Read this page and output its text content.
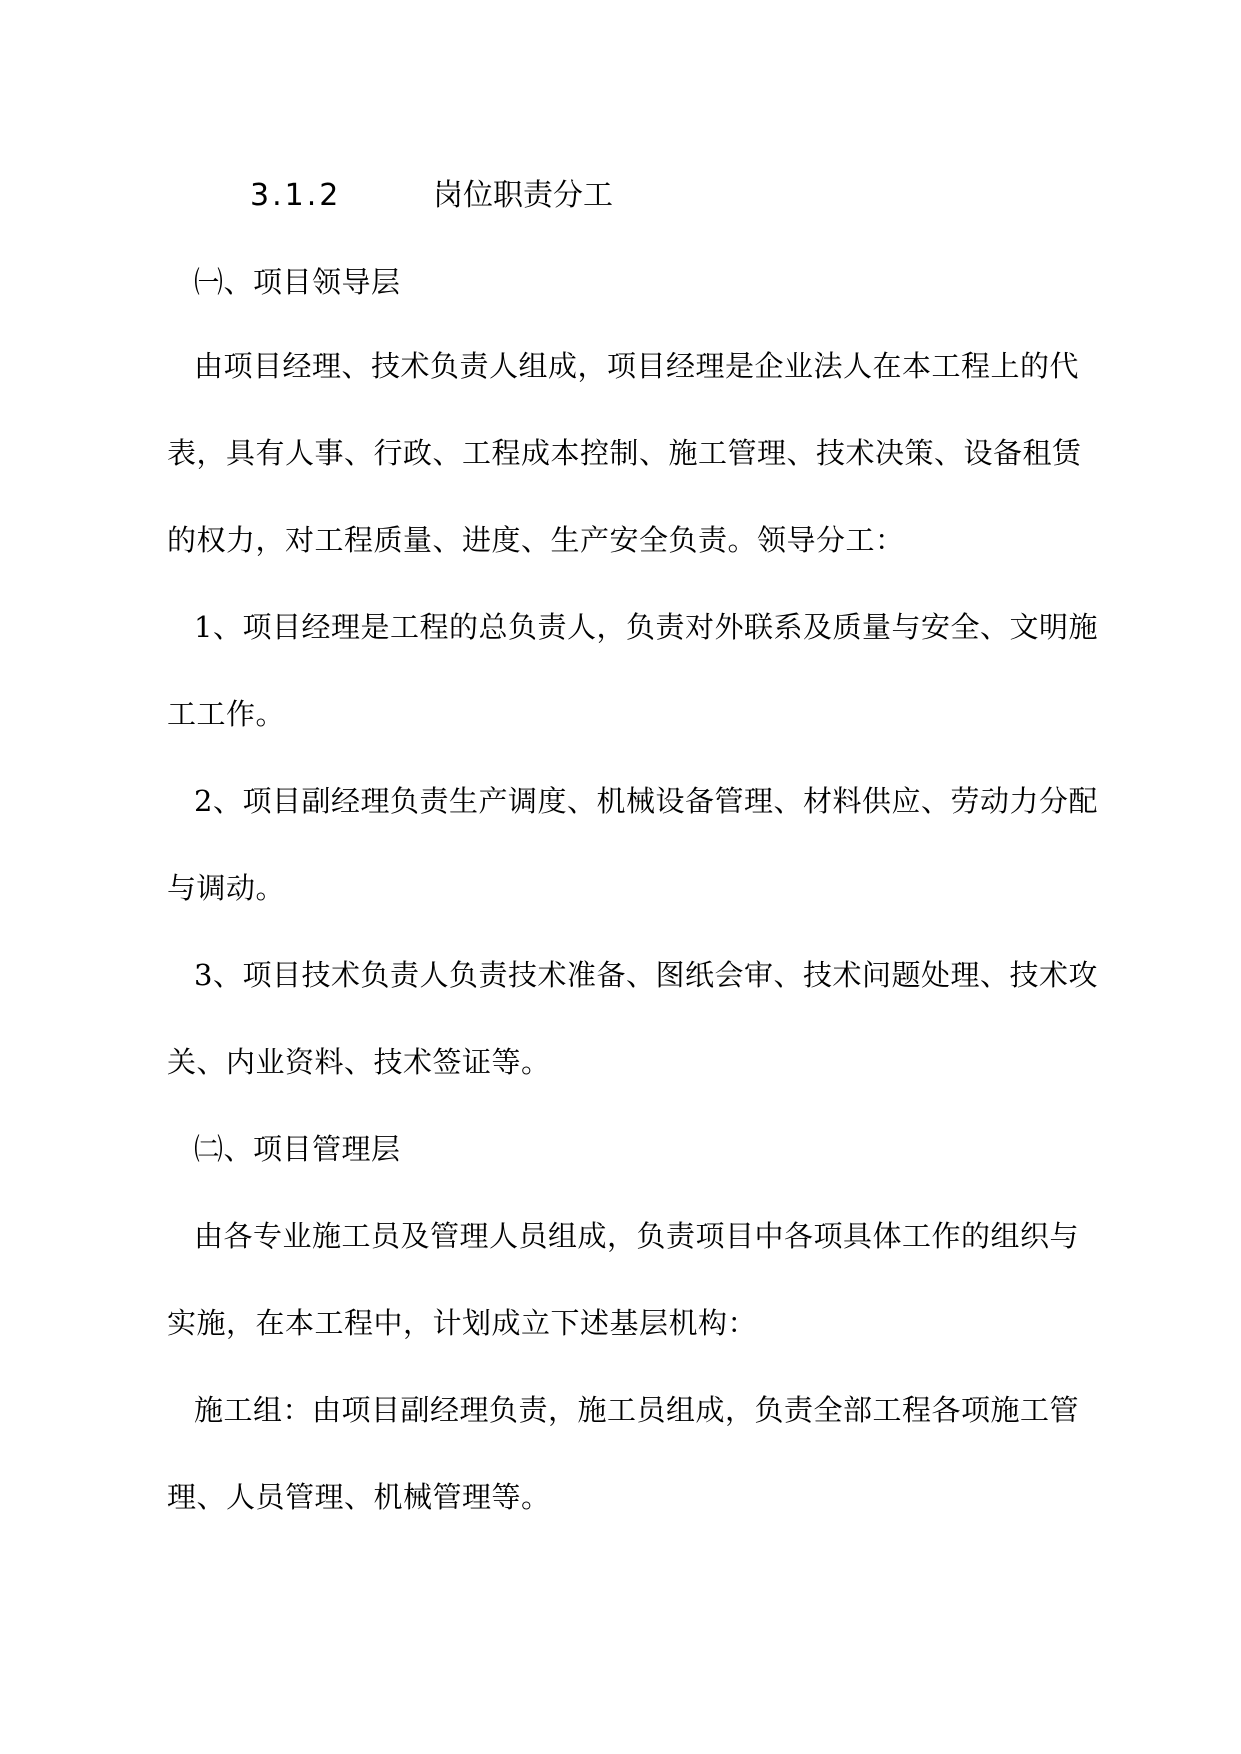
3.1.2	岗位职责分工
㈠、项目领导层
由项目经理、技术负责人组成，项目经理是企业法人在本工程上的代
表，具有人事、行政、工程成本控制、施工管理、技术决策、设备租赁
的权力，对工程质量、进度、生产安全负责。领导分工：
1、项目经理是工程的总负责人，负责对外联系及质量与安全、文明施
工工作。
2、项目副经理负责生产调度、机械设备管理、材料供应、劳动力分配
与调动。
3、项目技术负责人负责技术准备、图纸会审、技术问题处理、技术攻
关、内业资料、技术签证等。
㈡、项目管理层
由各专业施工员及管理人员组成，负责项目中各项具体工作的组织与
实施，在本工程中，计划成立下述基层机构：
施工组：由项目副经理负责，施工员组成，负责全部工程各项施工管
理、人员管理、机械管理等。
